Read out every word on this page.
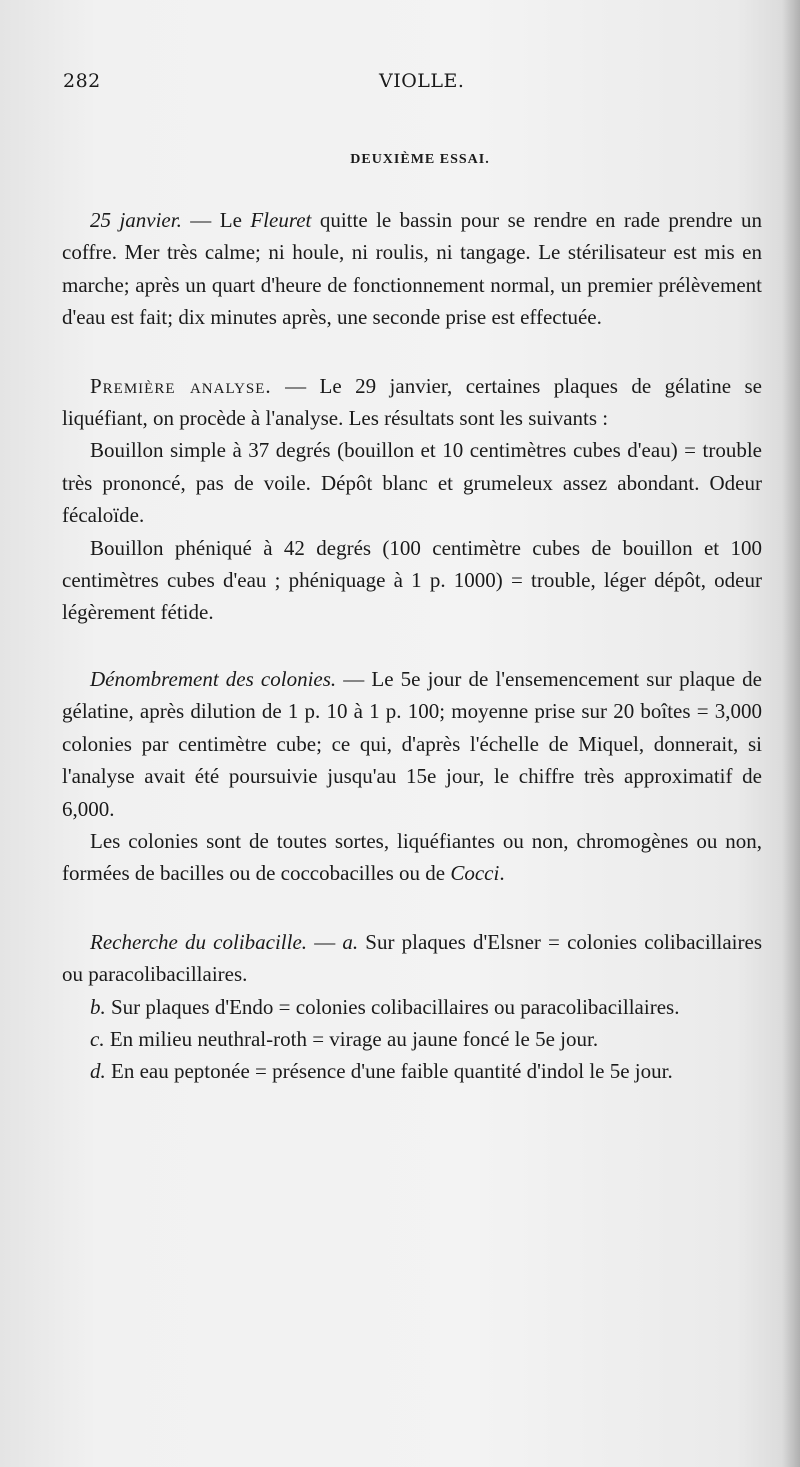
282	VIOLLE.
DEUXIÈME ESSAI.

25 janvier. — Le Fleuret quitte le bassin pour se rendre en rade prendre un coffre. Mer très calme; ni houle, ni roulis, ni tangage. Le stérilisateur est mis en marche; après un quart d'heure de fonctionnement normal, un premier prélèvement d'eau est fait; dix minutes après, une seconde prise est effectuée.

Première analyse. — Le 29 janvier, certaines plaques de gélatine se liquéfiant, on procède à l'analyse. Les résultats sont les suivants :

Bouillon simple à 37 degrés (bouillon et 10 centimètres cubes d'eau) = trouble très prononcé, pas de voile. Dépôt blanc et grumeleux assez abondant. Odeur fécaloïde.

Bouillon phéniqué à 42 degrés (100 centimètre cubes de bouillon et 100 centimètres cubes d'eau ; phéniquage à 1 p. 1000) = trouble, léger dépôt, odeur légèrement fétide.

Dénombrement des colonies. — Le 5e jour de l'ensemencement sur plaque de gélatine, après dilution de 1 p. 10 à 1 p. 100; moyenne prise sur 20 boîtes = 3,000 colonies par centimètre cube; ce qui, d'après l'échelle de Miquel, donnerait, si l'analyse avait été poursuivie jusqu'au 15e jour, le chiffre très approximatif de 6,000.

Les colonies sont de toutes sortes, liquéfiantes ou non, chromogènes ou non, formées de bacilles ou de coccobacilles ou de Cocci.

Recherche du colibacille. — a. Sur plaques d'Elsner = colonies colibacillaires ou paracolibacillaires.

b. Sur plaques d'Endo = colonies colibacillaires ou paracolibacillaires.

c. En milieu neuthral-roth = virage au jaune foncé le 5e jour.

d. En eau peptonée = présence d'une faible quantité d'indol le 5e jour.
